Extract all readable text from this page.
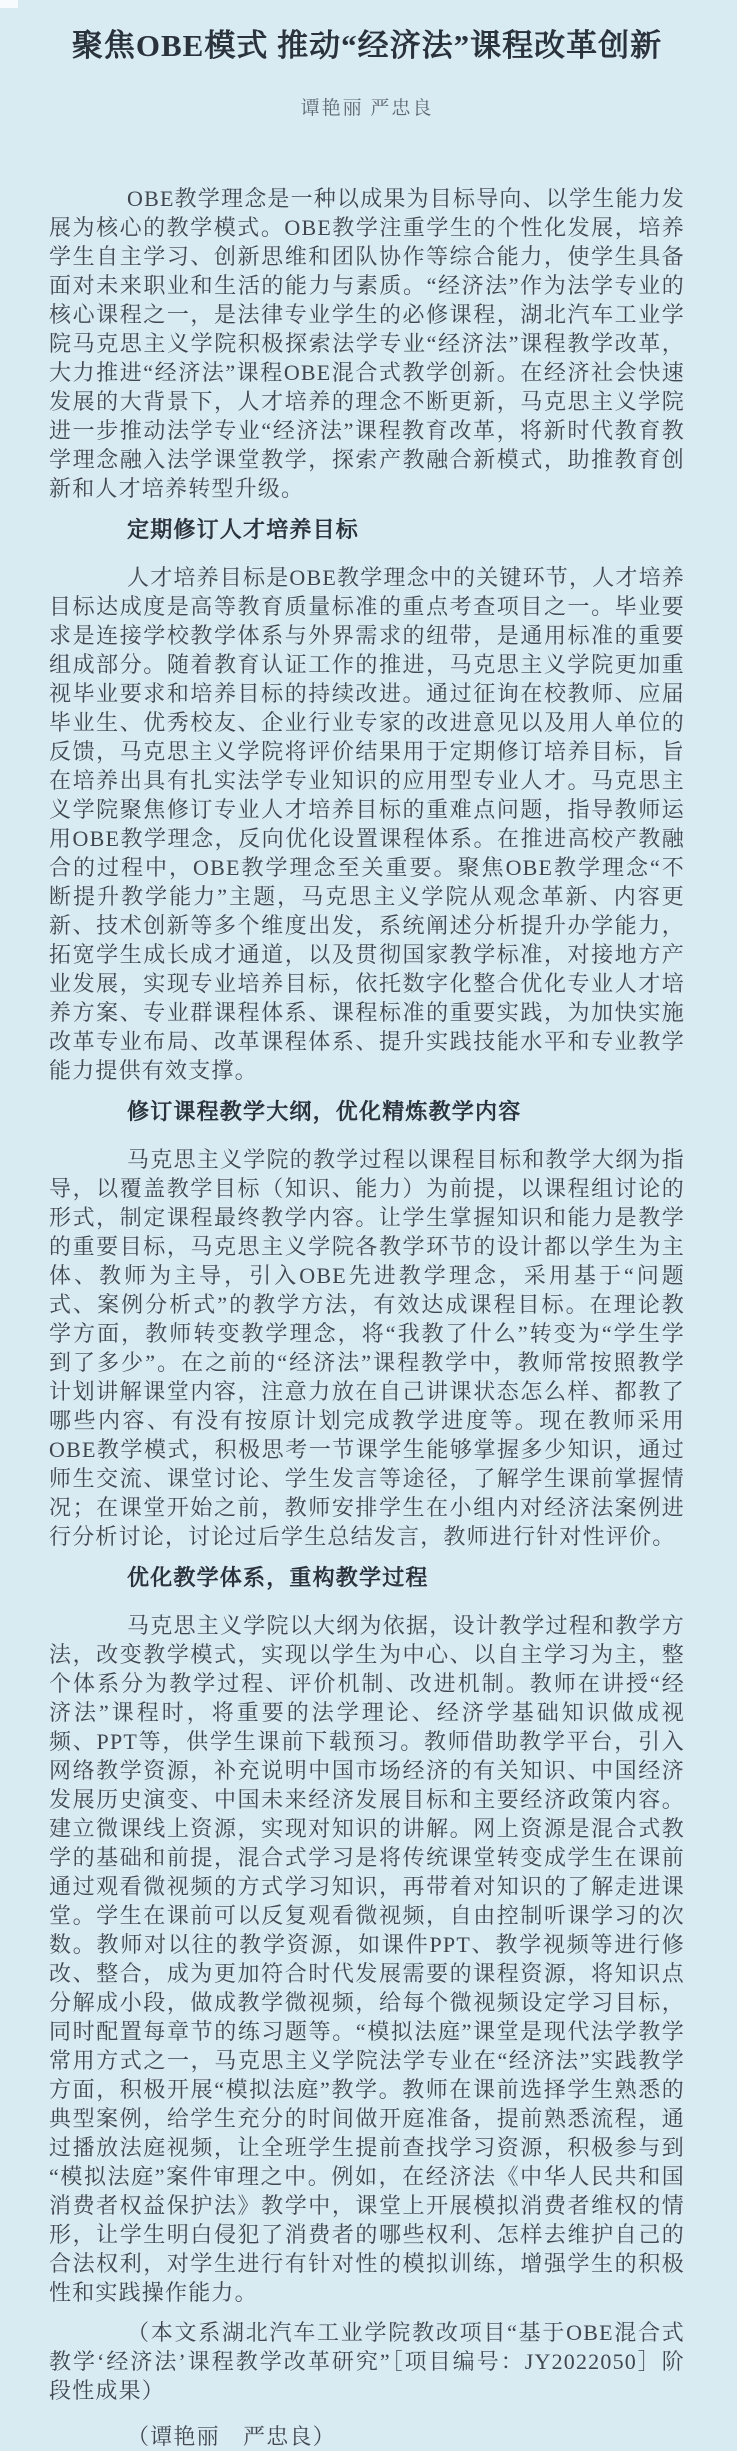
聚焦OBE模式 推动“经济法”课程改革创新
谭艳丽 严忠良

OBE教学理念是一种以成果为目标导向、以学生能力发展为核心的教学模式。OBE教学注重学生的个性化发展，培养学生自主学习、创新思维和团队协作等综合能力，使学生具备面对未来职业和生活的能力与素质。“经济法”作为法学专业的核心课程之一，是法律专业学生的必修课程，湖北汽车工业学院马克思主义学院积极探索法学专业“经济法”课程教学改革，大力推进“经济法”课程OBE混合式教学创新。在经济社会快速发展的大背景下，人才培养的理念不断更新，马克思主义学院进一步推动法学专业“经济法”课程教育改革，将新时代教育教学理念融入法学课堂教学，探索产教融合新模式，助推教育创新和人才培养转型升级。

定期修订人才培养目标

人才培养目标是OBE教学理念中的关键环节，人才培养目标达成度是高等教育质量标准的重点考查项目之一。毕业要求是连接学校教学体系与外界需求的纽带，是通用标准的重要组成部分。随着教育认证工作的推进，马克思主义学院更加重视毕业要求和培养目标的持续改进。通过征询在校教师、应届毕业生、优秀校友、企业行业专家的改进意见以及用人单位的反馈，马克思主义学院将评价结果用于定期修订培养目标，旨在培养出具有扎实法学专业知识的应用型专业人才。马克思主义学院聚焦修订专业人才培养目标的重难点问题，指导教师运用OBE教学理念，反向优化设置课程体系。在推进高校产教融合的过程中，OBE教学理念至关重要。聚焦OBE教学理念“不断提升教学能力”主题，马克思主义学院从观念革新、内容更新、技术创新等多个维度出发，系统阐述分析提升办学能力，拓宽学生成长成才通道，以及贯彻国家教学标准，对接地方产业发展，实现专业培养目标，依托数字化整合优化专业人才培养方案、专业群课程体系、课程标准的重要实践，为加快实施改革专业布局、改革课程体系、提升实践技能水平和专业教学能力提供有效支撑。

修订课程教学大纲，优化精炼教学内容

马克思主义学院的教学过程以课程目标和教学大纲为指导，以覆盖教学目标（知识、能力）为前提，以课程组讨论的形式，制定课程最终教学内容。让学生掌握知识和能力是教学的重要目标，马克思主义学院各教学环节的设计都以学生为主体、教师为主导，引入OBE先进教学理念，采用基于“问题式、案例分析式”的教学方法，有效达成课程目标。在理论教学方面，教师转变教学理念，将“我教了什么”转变为“学生学到了多少”。在之前的“经济法”课程教学中，教师常按照教学计划讲解课堂内容，注意力放在自己讲课状态怎么样、都教了哪些内容、有没有按原计划完成教学进度等。现在教师采用OBE教学模式，积极思考一节课学生能够掌握多少知识，通过师生交流、课堂讨论、学生发言等途径，了解学生课前掌握情况；在课堂开始之前，教师安排学生在小组内对经济法案例进行分析讨论，讨论过后学生总结发言，教师进行针对性评价。

优化教学体系，重构教学过程

马克思主义学院以大纲为依据，设计教学过程和教学方法，改变教学模式，实现以学生为中心、以自主学习为主，整个体系分为教学过程、评价机制、改进机制。教师在讲授“经济法”课程时，将重要的法学理论、经济学基础知识做成视频、PPT等，供学生课前下载预习。教师借助教学平台，引入网络教学资源，补充说明中国市场经济的有关知识、中国经济发展历史演变、中国未来经济发展目标和主要经济政策内容。建立微课线上资源，实现对知识的讲解。网上资源是混合式教学的基础和前提，混合式学习是将传统课堂转变成学生在课前通过观看微视频的方式学习知识，再带着对知识的了解走进课堂。学生在课前可以反复观看微视频，自由控制听课学习的次数。教师对以往的教学资源，如课件PPT、教学视频等进行修改、整合，成为更加符合时代发展需要的课程资源，将知识点分解成小段，做成教学微视频，给每个微视频设定学习目标，同时配置每章节的练习题等。“模拟法庭”课堂是现代法学教学常用方式之一，马克思主义学院法学专业在“经济法”实践教学方面，积极开展“模拟法庭”教学。教师在课前选择学生熟悉的典型案例，给学生充分的时间做开庭准备，提前熟悉流程，通过播放法庭视频，让全班学生提前查找学习资源，积极参与到“模拟法庭”案件审理之中。例如，在经济法《中华人民共和国消费者权益保护法》教学中，课堂上开展模拟消费者维权的情形，让学生明白侵犯了消费者的哪些权利、怎样去维护自己的合法权利，对学生进行有针对性的模拟训练，增强学生的积极性和实践操作能力。

（本文系湖北汽车工业学院教改项目“基于OBE混合式教学‘经济法’课程教学改革研究”［项目编号：JY2022050］阶段性成果）

（谭艳丽　严忠良）
